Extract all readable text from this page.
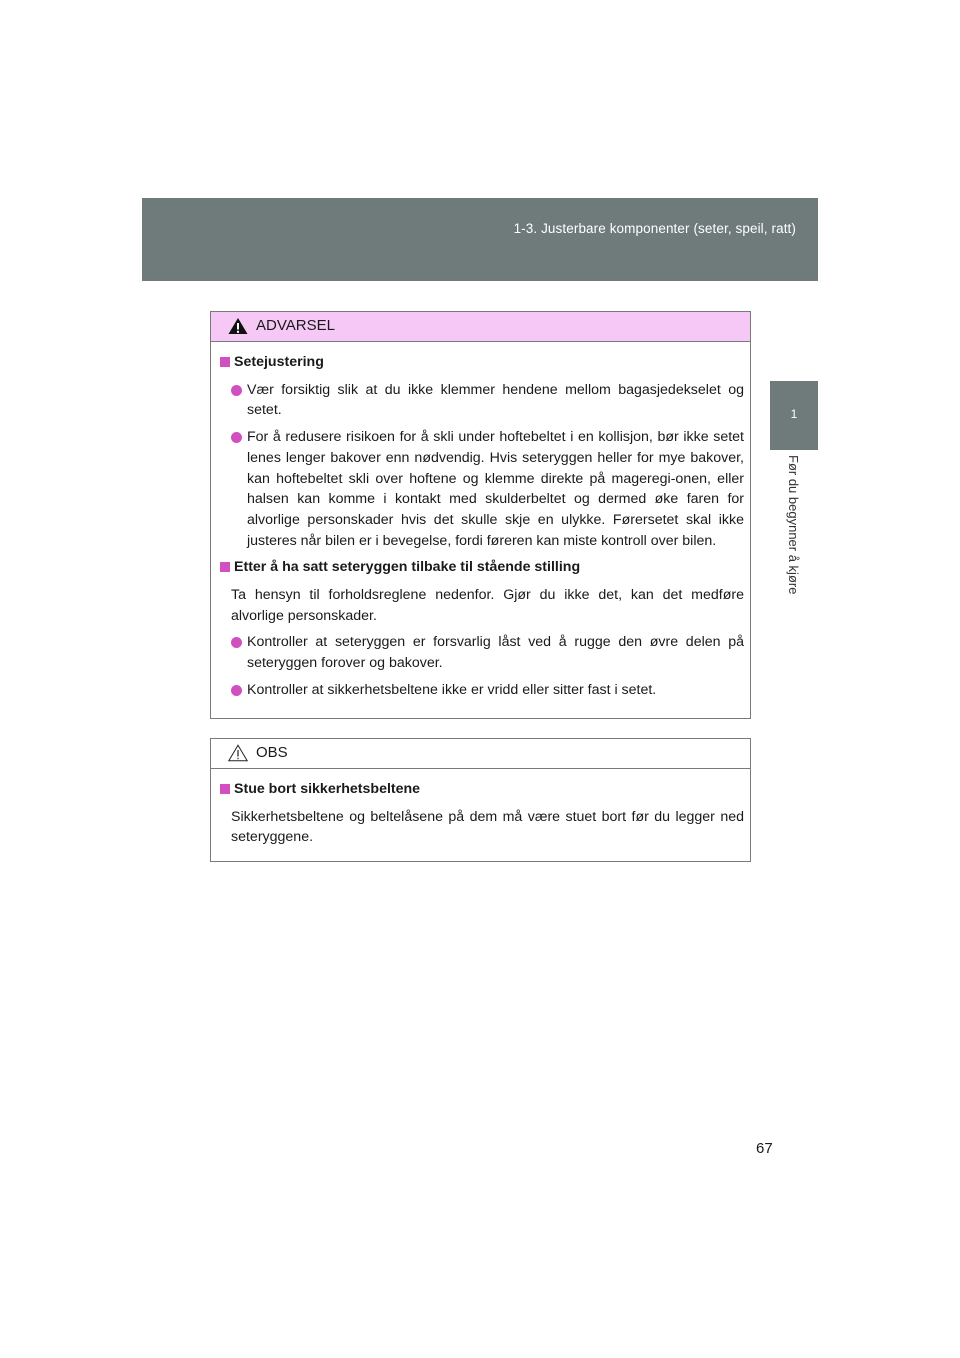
1-3. Justerbare komponenter (seter, speil, ratt)
1
Før du begynner å kjøre
ADVARSEL
Setejustering
Vær forsiktig slik at du ikke klemmer hendene mellom bagasjedekselet og setet.
For å redusere risikoen for å skli under hoftebeltet i en kollisjon, bør ikke setet lenes lenger bakover enn nødvendig. Hvis seteryggen heller for mye bakover, kan hoftebeltet skli over hoftene og klemme direkte på mageregi-onen, eller halsen kan komme i kontakt med skulderbeltet og dermed øke faren for alvorlige personskader hvis det skulle skje en ulykke. Førersetet skal ikke justeres når bilen er i bevegelse, fordi føreren kan miste kontroll over bilen.
Etter å ha satt seteryggen tilbake til stående stilling
Ta hensyn til forholdsreglene nedenfor. Gjør du ikke det, kan det medføre alvorlige personskader.
Kontroller at seteryggen er forsvarlig låst ved å rugge den øvre delen på seteryggen forover og bakover.
Kontroller at sikkerhetsbeltene ikke er vridd eller sitter fast i setet.
OBS
Stue bort sikkerhetsbeltene
Sikkerhetsbeltene og beltelåsene på dem må være stuet bort før du legger ned seteryggene.
67
